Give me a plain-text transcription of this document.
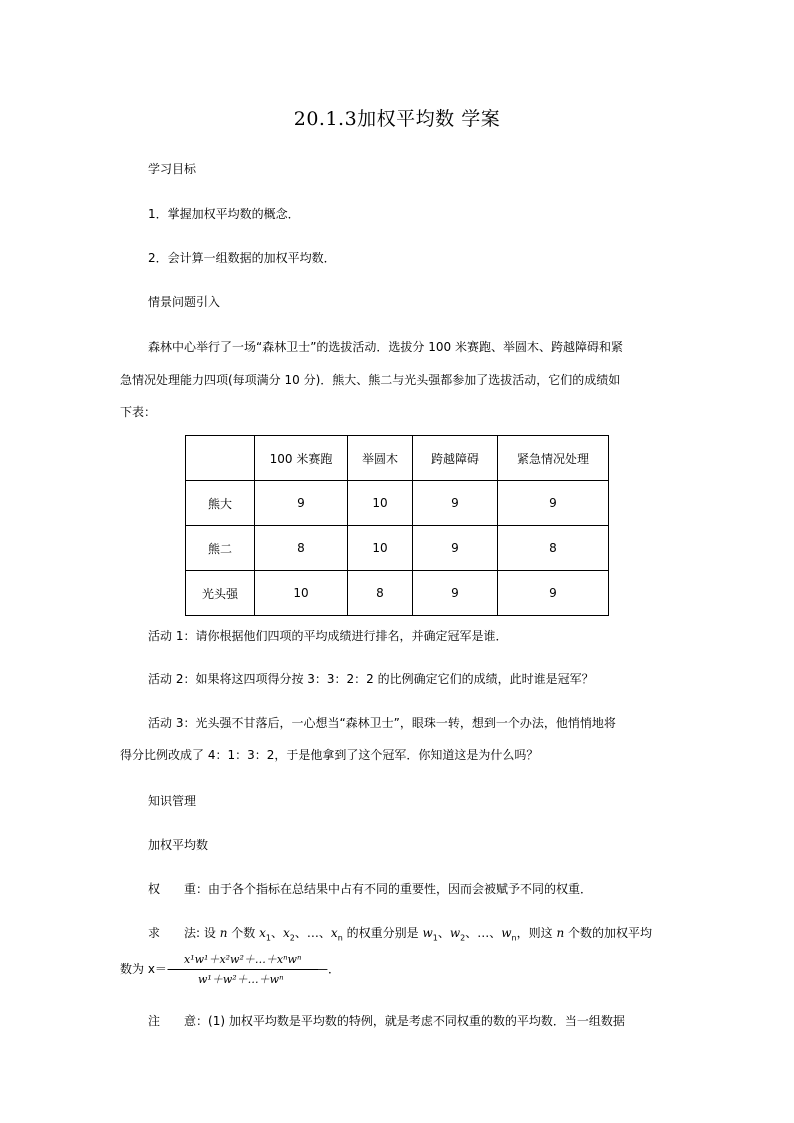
20.1.3加权平均数 学案
学习目标
1．掌握加权平均数的概念．
2．会计算一组数据的加权平均数．
情景问题引入
森林中心举行了一场“森林卫士”的选拔活动．选拔分 100 米赛跑、举圆木、跨越障碍和紧
急情况处理能力四项(每项满分 10 分)．熊大、熊二与光头强都参加了选拔活动，它们的成绩如
下表：
	100 米赛跑	举圆木	跨越障碍	紧急情况处理
熊大	9	10	9	9
熊二	8	10	9	8
光头强	10	8	9	9
活动 1：请你根据他们四项的平均成绩进行排名，并确定冠军是谁．
活动 2：如果将这四项得分按 3：3：2：2 的比例确定它们的成绩，此时谁是冠军？
活动 3：光头强不甘落后，一心想当“森林卫士”，眼珠一转，想到一个办法，他悄悄地将
得分比例改成了 4：1：3：2，于是他拿到了这个冠军．你知道这是为什么吗？
知识管理
加权平均数
权　　重：由于各个指标在总结果中占有不同的重要性，因而会被赋予不同的权重．
求　　法: 设 n 个数 $x_1$、$x_2$、…、$x_n$ 的权重分别是 $w_1$、$w_2$、…、$w_n$，则这 n 个数的加权平均
数为 x＝—
x¹w¹＋x²w²＋…＋xⁿwⁿ
w¹＋w²＋…＋wⁿ
—．
注　　意：(1) 加权平均数是平均数的特例，就是考虑不同权重的数的平均数．当一组数据
